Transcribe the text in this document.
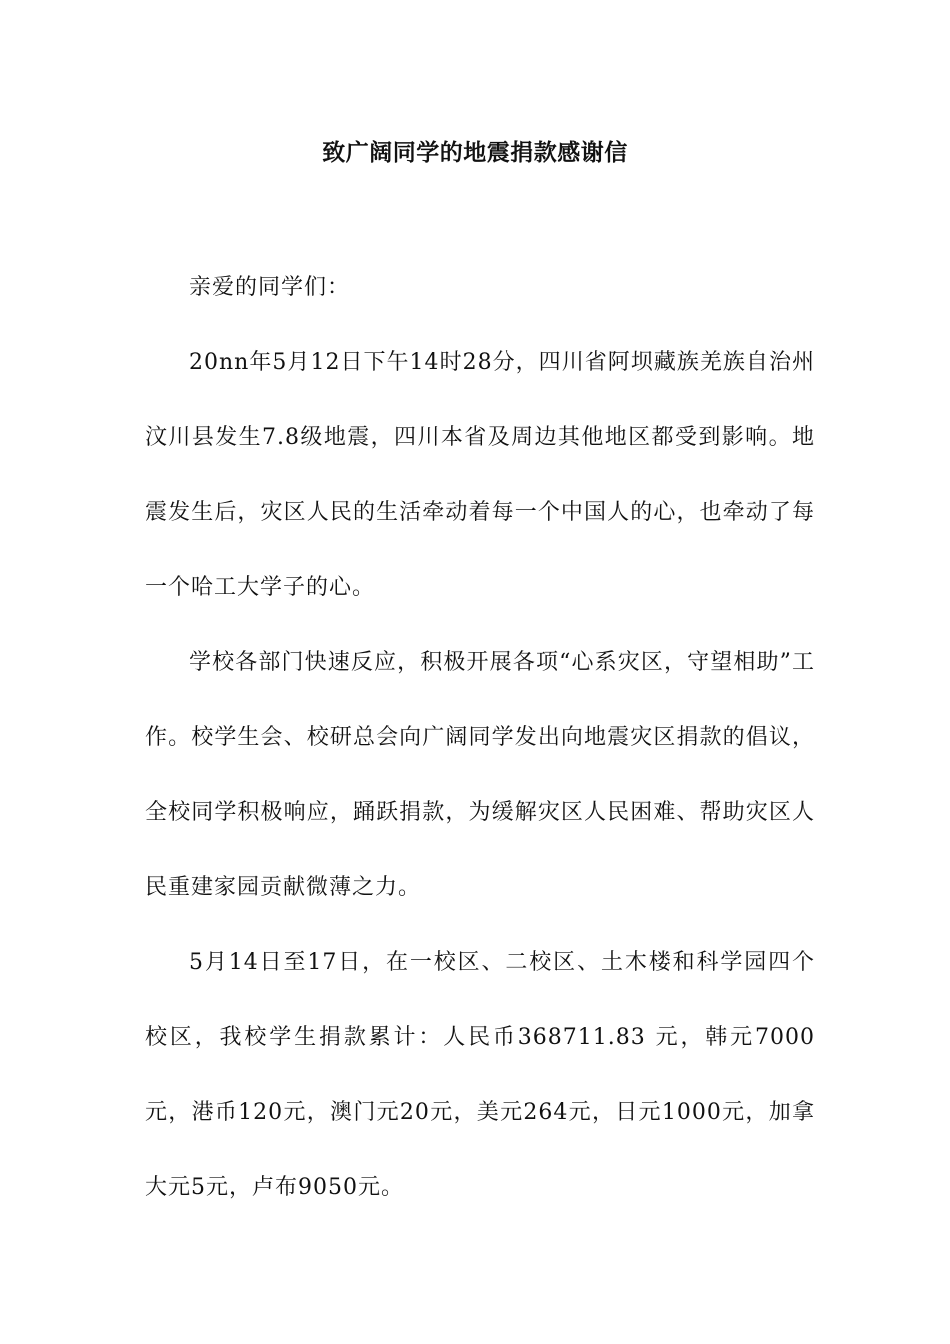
致广阔同学的地震捐款感谢信

亲爱的同学们：

20nn年5月12日下午14时28分，四川省阿坝藏族羌族自治州汶川县发生7.8级地震，四川本省及周边其他地区都受到影响。地震发生后，灾区人民的生活牵动着每一个中国人的心，也牵动了每一个哈工大学子的心。

学校各部门快速反应，积极开展各项“心系灾区，守望相助”工作。校学生会、校研总会向广阔同学发出向地震灾区捐款的倡议，全校同学积极响应，踊跃捐款，为缓解灾区人民困难、帮助灾区人民重建家园贡献微薄之力。

5月14日至17日，在一校区、二校区、土木楼和科学园四个校区，我校学生捐款累计：人民币368711.83 元，韩元7000元，港币120元，澳门元20元，美元264元，日元1000元，加拿大元5元，卢布9050元。
